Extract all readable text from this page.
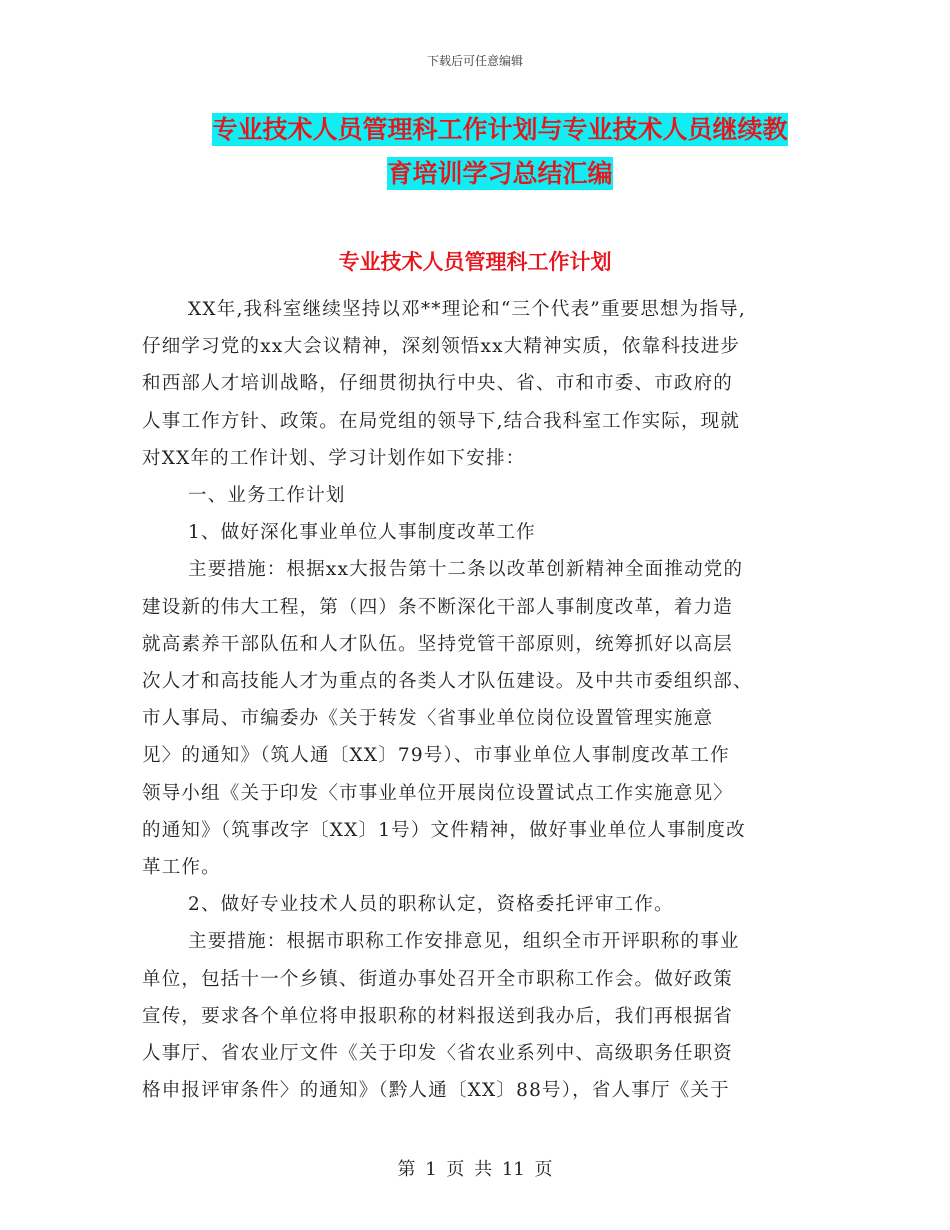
下载后可任意编辑
专业技术人员管理科工作计划与专业技术人员继续教
育培训学习总结汇编
专业技术人员管理科工作计划

XX年,我科室继续坚持以邓**理论和“三个代表”重要思想为指导,

仔细学习党的xx大会议精神，深刻领悟xx大精神实质，依靠科技进步

和西部人才培训战略，仔细贯彻执行中央、省、市和市委、市政府的

人事工作方针、政策。在局党组的领导下,结合我科室工作实际，现就

对XX年的工作计划、学习计划作如下安排：

一、业务工作计划

1、做好深化事业单位人事制度改革工作

主要措施：根据xx大报告第十二条以改革创新精神全面推动党的

建设新的伟大工程，第（四）条不断深化干部人事制度改革，着力造

就高素养干部队伍和人才队伍。坚持党管干部原则，统筹抓好以高层

次人才和高技能人才为重点的各类人才队伍建设。及中共市委组织部、

市人事局、市编委办《关于转发〈省事业单位岗位设置管理实施意

见〉的通知》（筑人通〔XX〕79号）、市事业单位人事制度改革工作

领导小组《关于印发〈市事业单位开展岗位设置试点工作实施意见〉

的通知》（筑事改字〔XX〕1号）文件精神，做好事业单位人事制度改

革工作。

2、做好专业技术人员的职称认定，资格委托评审工作。

主要措施：根据市职称工作安排意见，组织全市开评职称的事业

单位，包括十一个乡镇、街道办事处召开全市职称工作会。做好政策

宣传，要求各个单位将申报职称的材料报送到我办后，我们再根据省

人事厅、省农业厅文件《关于印发〈省农业系列中、高级职务任职资

格申报评审条件〉的通知》（黔人通〔XX〕88号），省人事厅《关于

第 1 页 共 11 页
